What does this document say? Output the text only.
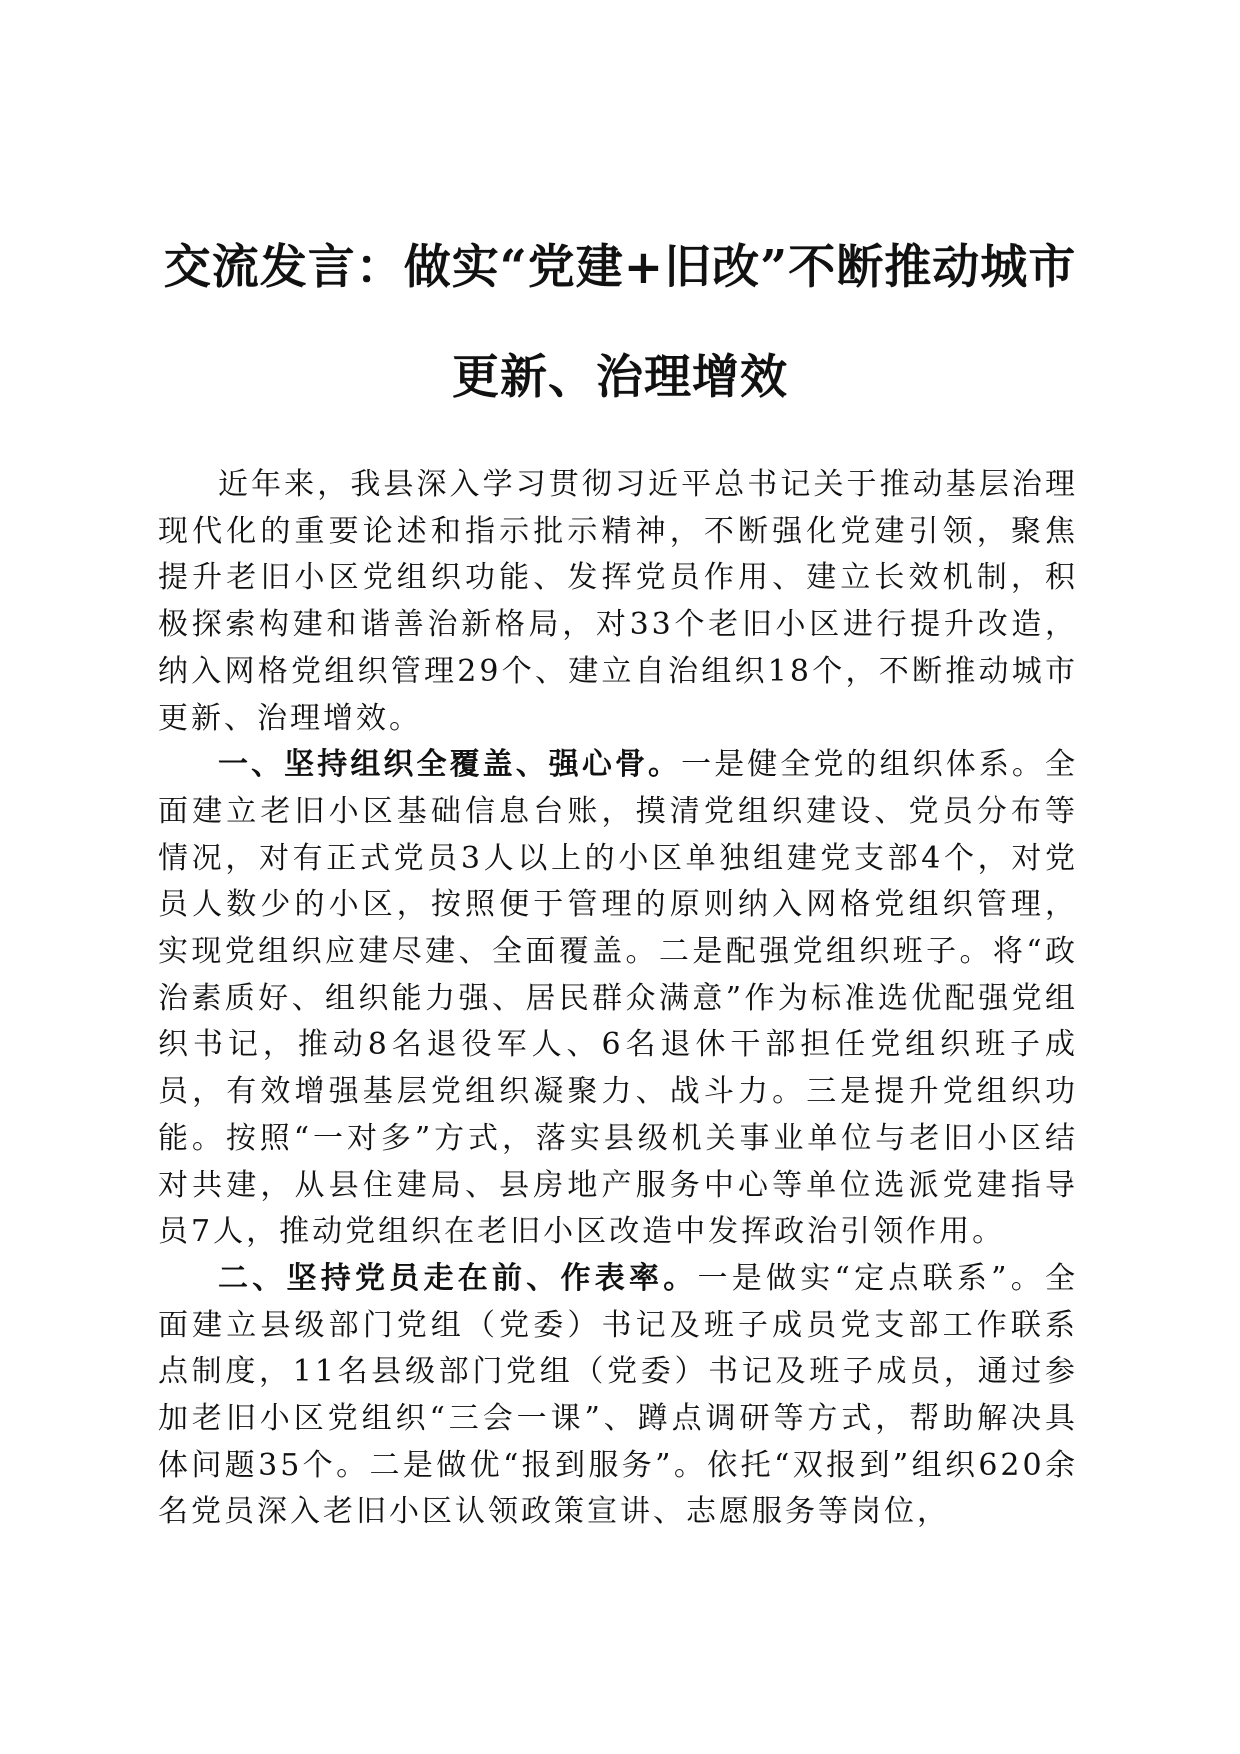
交流发言：做实“党建+旧改”不断推动城市
更新、治理增效

近年来，我县深入学习贯彻习近平总书记关于推动基层治理现代化的重要论述和指示批示精神，不断强化党建引领，聚焦提升老旧小区党组织功能、发挥党员作用、建立长效机制，积极探索构建和谐善治新格局，对33个老旧小区进行提升改造，纳入网格党组织管理29个、建立自治组织18个，不断推动城市更新、治理增效。

一、坚持组织全覆盖、强心骨。一是健全党的组织体系。全面建立老旧小区基础信息台账，摸清党组织建设、党员分布等情况，对有正式党员3人以上的小区单独组建党支部4个，对党员人数少的小区，按照便于管理的原则纳入网格党组织管理，实现党组织应建尽建、全面覆盖。二是配强党组织班子。将“政治素质好、组织能力强、居民群众满意”作为标准选优配强党组织书记，推动8名退役军人、6名退休干部担任党组织班子成员，有效增强基层党组织凝聚力、战斗力。三是提升党组织功能。按照“一对多”方式，落实县级机关事业单位与老旧小区结对共建，从县住建局、县房地产服务中心等单位选派党建指导员7人，推动党组织在老旧小区改造中发挥政治引领作用。

二、坚持党员走在前、作表率。一是做实“定点联系”。全面建立县级部门党组（党委）书记及班子成员党支部工作联系点制度，11名县级部门党组（党委）书记及班子成员，通过参加老旧小区党组织“三会一课”、蹲点调研等方式，帮助解决具体问题35个。二是做优“报到服务”。依托“双报到”组织620余名党员深入老旧小区认领政策宣讲、志愿服务等岗位，
